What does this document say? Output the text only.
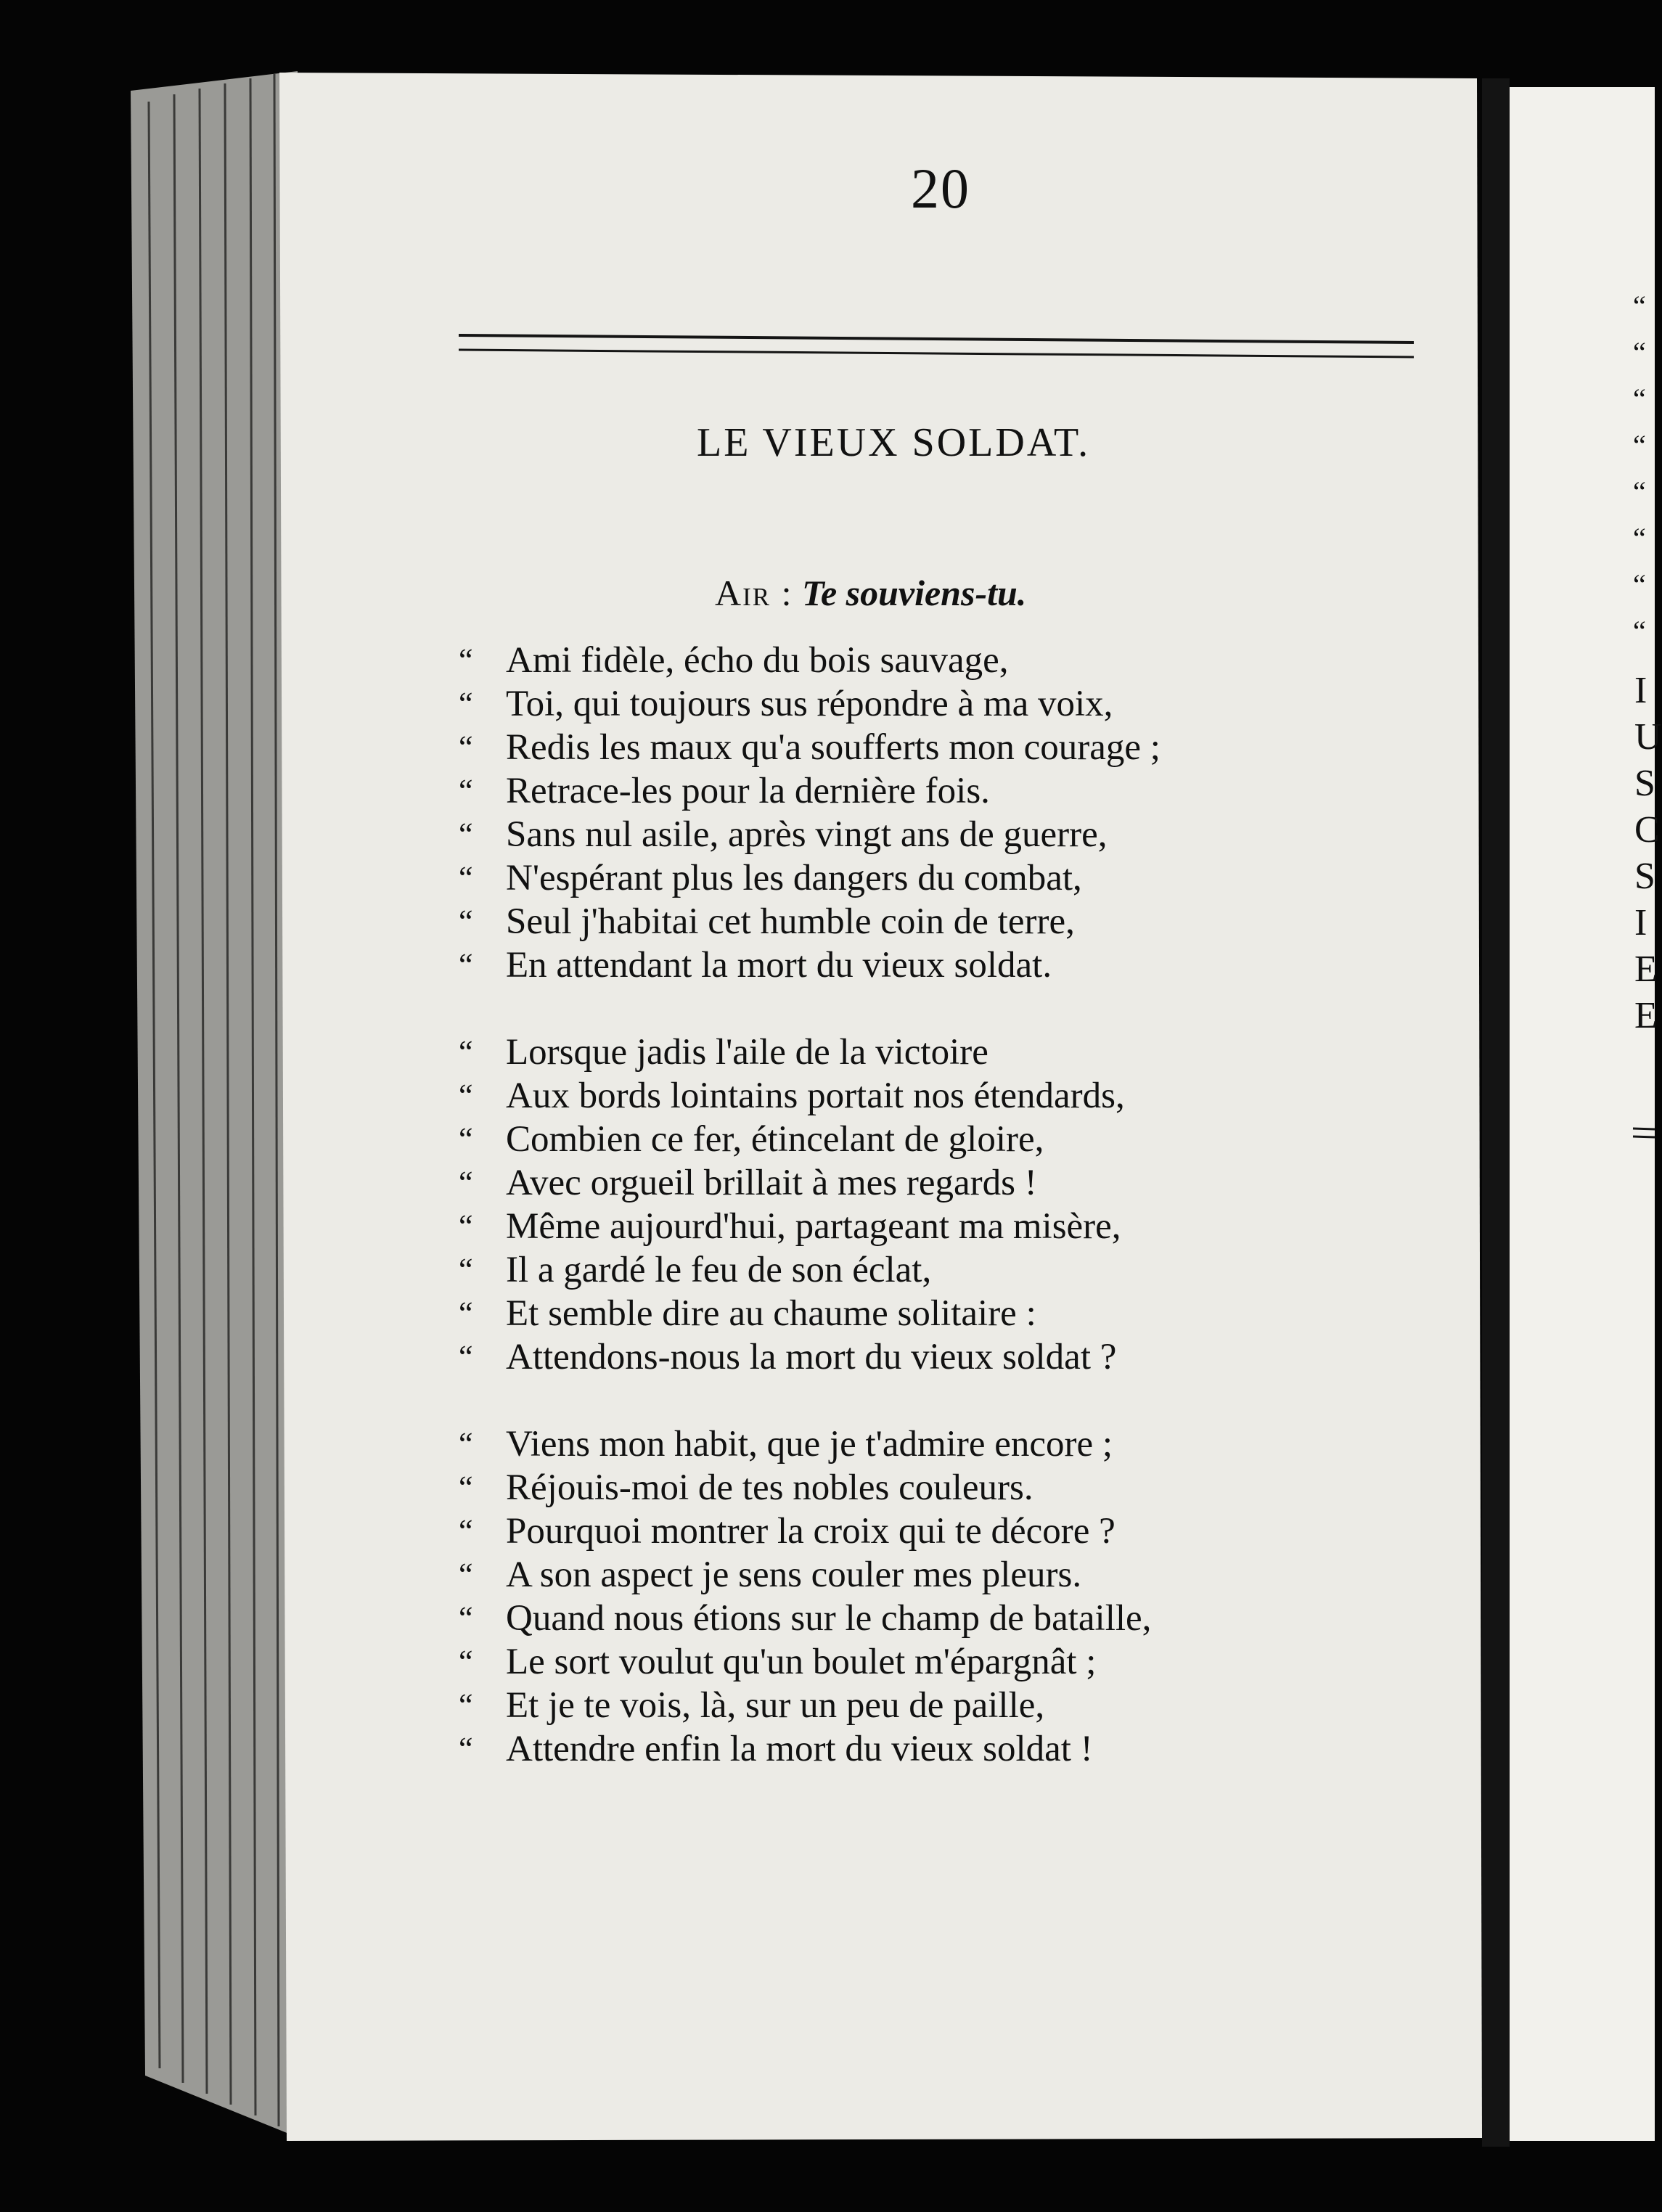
20
LE VIEUX SOLDAT.
Air : Te souviens-tu.
“ Ami fidèle, écho du bois sauvage,
“ Toi, qui toujours sus répondre à ma voix,
“ Redis les maux qu'a soufferts mon courage ;
“ Retrace-les pour la dernière fois.
“ Sans nul asile, après vingt ans de guerre,
“ N'espérant plus les dangers du combat,
“ Seul j'habitai cet humble coin de terre,
“ En attendant la mort du vieux soldat.
“ Lorsque jadis l'aile de la victoire
“ Aux bords lointains portait nos étendards,
“ Combien ce fer, étincelant de gloire,
“ Avec orgueil brillait à mes regards !
“ Même aujourd'hui, partageant ma misère,
“ Il a gardé le feu de son éclat,
“ Et semble dire au chaume solitaire :
“ Attendons-nous la mort du vieux soldat ?
“ Viens mon habit, que je t'admire encore ;
“ Réjouis-moi de tes nobles couleurs.
“ Pourquoi montrer la croix qui te décore ?
“ A son aspect je sens couler mes pleurs.
“ Quand nous étions sur le champ de bataille,
“ Le sort voulut qu'un boulet m'épargnât ;
“ Et je te vois, là, sur un peu de paille,
“ Attendre enfin la mort du vieux soldat !
“
“
“
“
“
“
“
“
I
U
S
C
S
I
E
E
